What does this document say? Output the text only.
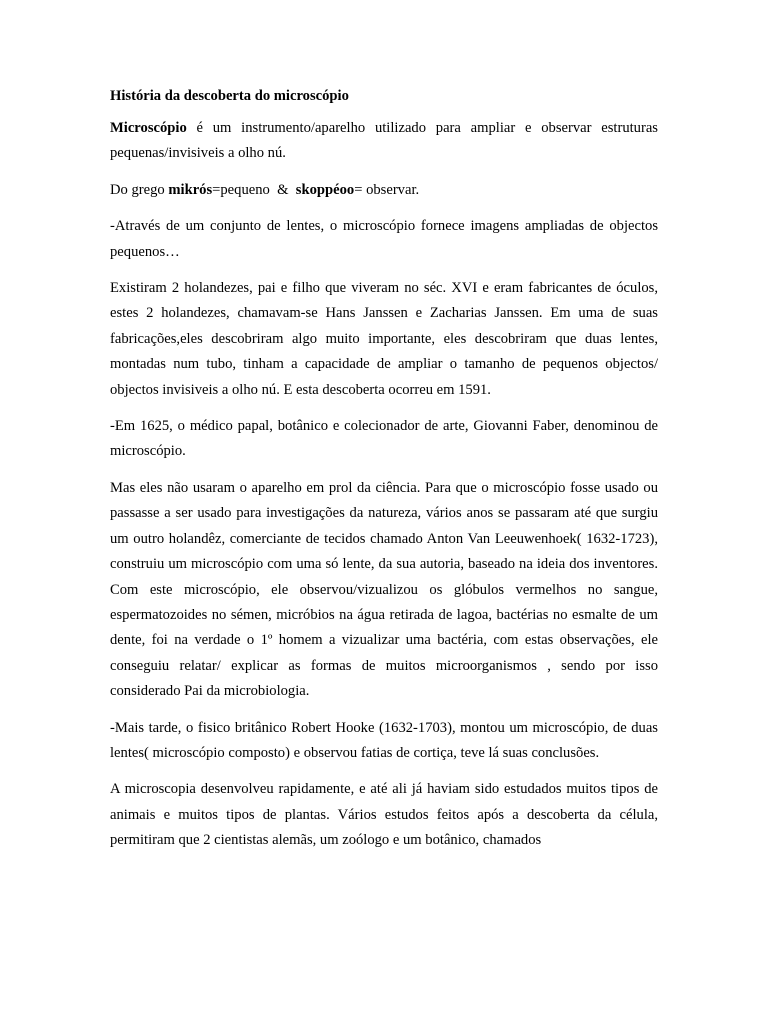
História da descoberta do microscópio

Microscópio é um instrumento/aparelho utilizado para ampliar e observar estruturas pequenas/invisiveis a olho nú.

Do grego mikrós=pequeno  &  skoppéoo= observar.

-Através de um conjunto de lentes, o microscópio fornece imagens ampliadas de objectos pequenos…

Existiram 2 holandezes, pai e filho que viveram no séc. XVI e eram fabricantes de óculos, estes 2 holandezes, chamavam-se Hans Janssen e Zacharias Janssen. Em uma de suas fabricações,eles descobriram algo muito importante, eles descobriram que duas lentes, montadas num tubo, tinham a capacidade de ampliar o tamanho de pequenos objectos/ objectos invisiveis a olho nú. E esta descoberta ocorreu em 1591.

-Em 1625, o médico papal, botânico e colecionador de arte, Giovanni Faber, denominou de microscópio.

Mas eles não usaram o aparelho em prol da ciência. Para que o microscópio fosse usado ou passasse a ser usado para investigações da natureza, vários anos se passaram até que surgiu um outro holandêz, comerciante de tecidos chamado Anton Van Leeuwenhoek( 1632-1723), construiu um microscópio com uma só lente, da sua autoria, baseado na ideia dos inventores. Com este microscópio, ele observou/vizualizou os glóbulos vermelhos no sangue, espermatozoides no sémen, micróbios na água retirada de lagoa, bactérias no esmalte de um dente, foi na verdade o 1º homem a vizualizar uma bactéria, com estas observações, ele conseguiu relatar/ explicar as formas de muitos microorganismos , sendo por isso considerado Pai da microbiologia.

-Mais tarde, o fisico britânico Robert Hooke (1632-1703), montou um microscópio, de duas lentes( microscópio composto) e observou fatias de cortiça, teve lá suas conclusões.

A microscopia desenvolveu rapidamente, e até ali já haviam sido estudados muitos tipos de animais e muitos tipos de plantas. Vários estudos feitos após a descoberta da célula, permitiram que 2 cientistas alemãs, um zoólogo e um botânico, chamados
